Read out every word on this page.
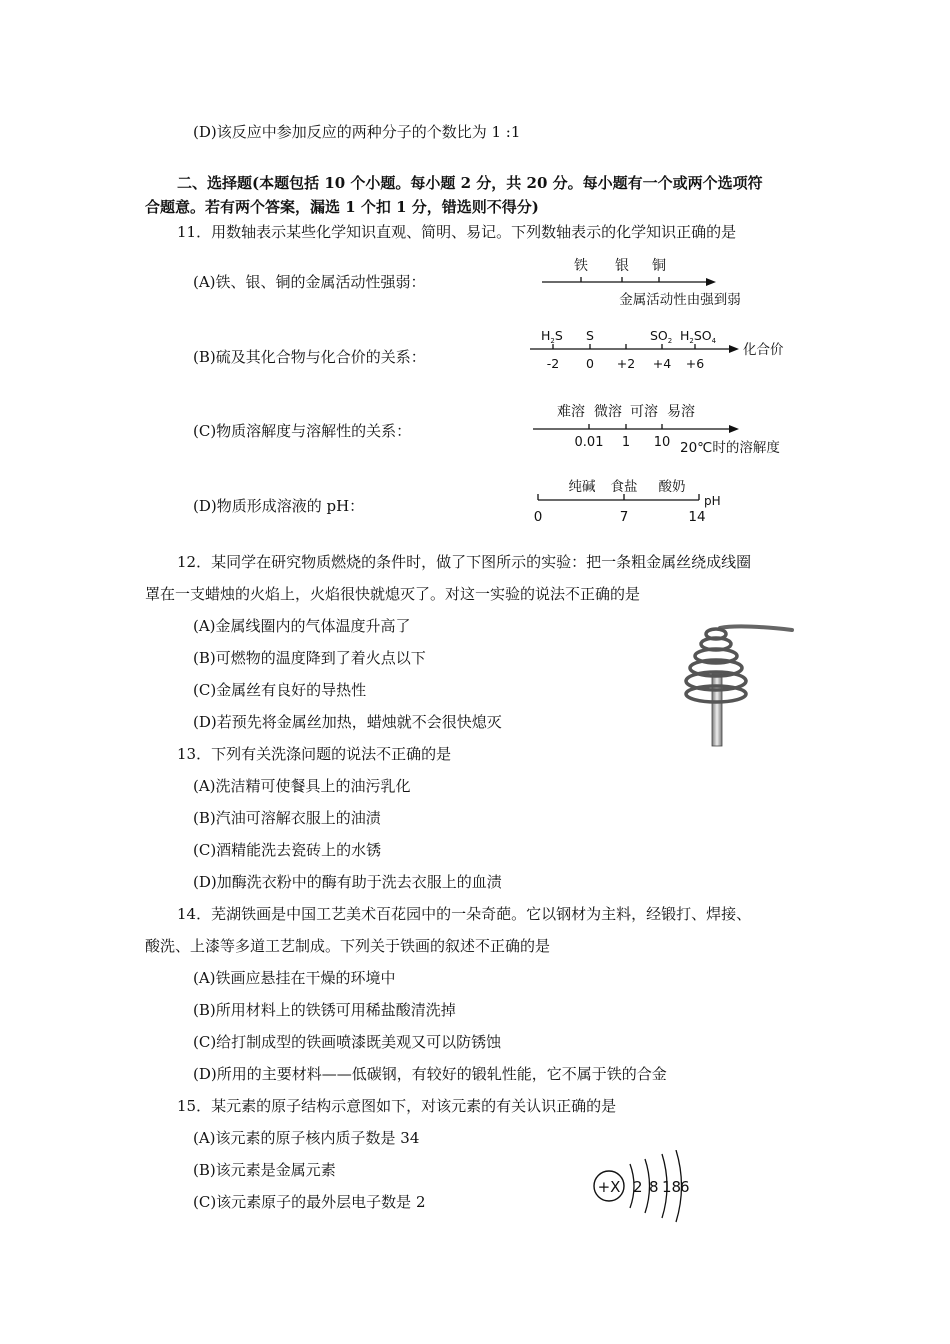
(D)该反应中参加反应的两种分子的个数比为 1 :1
二、选择题(本题包括 10 个小题。每小题 2 分，共 20 分。每小题有一个或两个选项符
合题意。若有两个答案，漏选 1 个扣 1 分，错选则不得分)
11．用数轴表示某些化学知识直观、简明、易记。下列数轴表示的化学知识正确的是
(A)铁、银、铜的金属活动性强弱：
(B)硫及其化合物与化合价的关系：
(C)物质溶解度与溶解性的关系：
(D)物质形成溶液的 pH：
铁 银 铜
金属活动性由强到弱
$H_2S$ S	$SO_2$ $H_2SO_4$
-2 0 +2 +4 +6
化合价
难溶 微溶 可溶 易溶
0.01 1 10 20℃时的溶解度
纯碱 食盐 酸奶
0	7	14
pH
12．某同学在研究物质燃烧的条件时，做了下图所示的实验：把一条粗金属丝绕成线圈
罩在一支蜡烛的火焰上，火焰很快就熄灭了。对这一实验的说法不正确的是
(A)金属线圈内的气体温度升高了
(B)可燃物的温度降到了着火点以下
(C)金属丝有良好的导热性
(D)若预先将金属丝加热，蜡烛就不会很快熄灭
13．下列有关洗涤问题的说法不正确的是
(A)洗洁精可使餐具上的油污乳化
(B)汽油可溶解衣服上的油渍
(C)酒精能洗去瓷砖上的水锈
(D)加酶洗衣粉中的酶有助于洗去衣服上的血渍
14．芜湖铁画是中国工艺美术百花园中的一朵奇葩。它以钢材为主料，经锻打、焊接、
酸洗、上漆等多道工艺制成。下列关于铁画的叙述不正确的是
(A)铁画应悬挂在干燥的环境中
(B)所用材料上的铁锈可用稀盐酸清洗掉
(C)给打制成型的铁画喷漆既美观又可以防锈蚀
(D)所用的主要材料——低碳钢，有较好的锻轧性能，它不属于铁的合金
15．某元素的原子结构示意图如下，对该元素的有关认识正确的是
(A)该元素的原子核内质子数是 34
(B)该元素是金属元素
(C)该元素原子的最外层电子数是 2
+X 2 8 18
6
